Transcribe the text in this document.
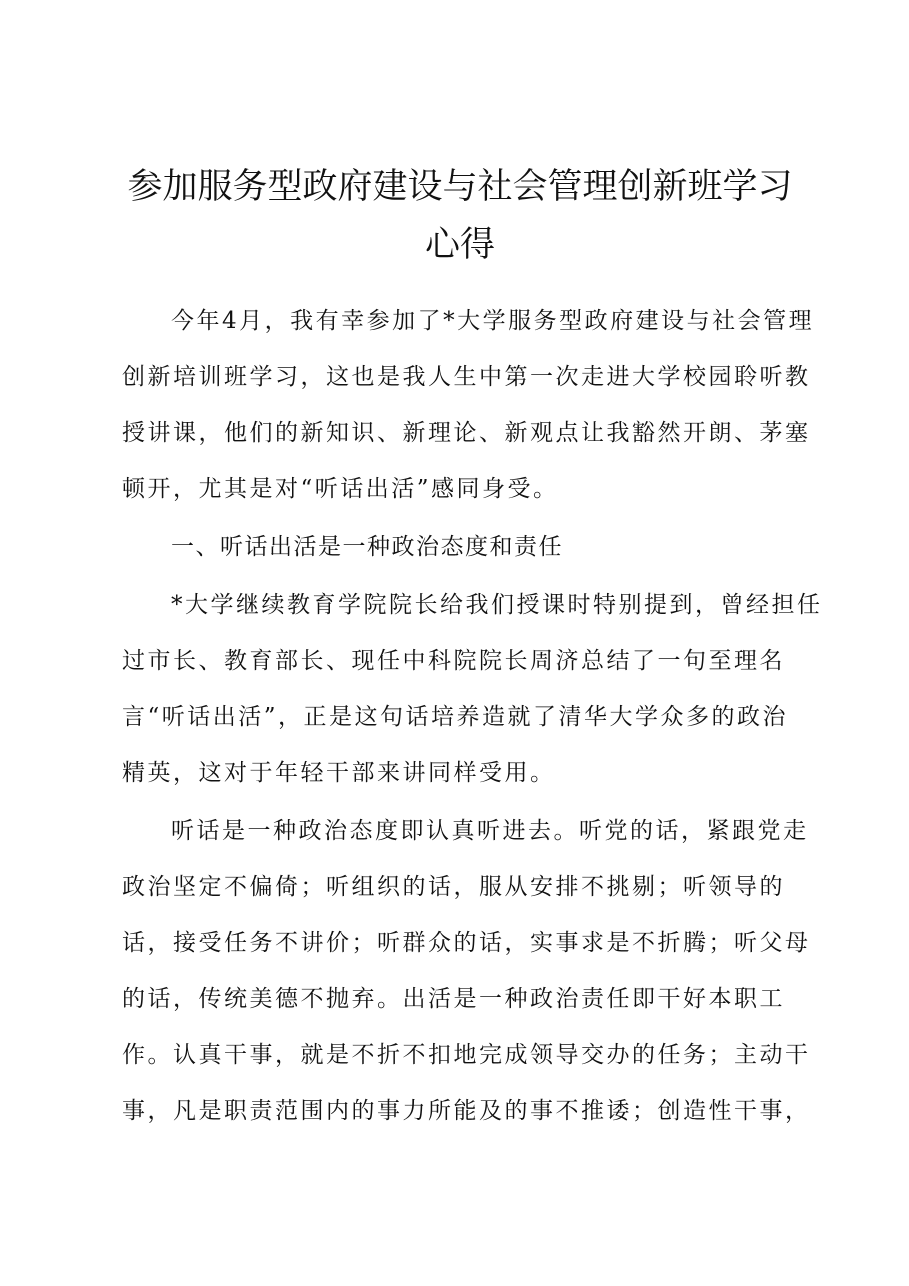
参加服务型政府建设与社会管理创新班学习心得

今年4月，我有幸参加了*大学服务型政府建设与社会管理

创新培训班学习，这也是我人生中第一次走进大学校园聆听教

授讲课，他们的新知识、新理论、新观点让我豁然开朗、茅塞

顿开，尤其是对“听话出活”感同身受。

一、听话出活是一种政治态度和责任

*大学继续教育学院院长给我们授课时特别提到，曾经担任

过市长、教育部长、现任中科院院长周济总结了一句至理名

言“听话出活”，正是这句话培养造就了清华大学众多的政治

精英，这对于年轻干部来讲同样受用。

听话是一种政治态度即认真听进去。听党的话，紧跟党走

政治坚定不偏倚；听组织的话，服从安排不挑剔；听领导的

话，接受任务不讲价；听群众的话，实事求是不折腾；听父母

的话，传统美德不抛弃。出活是一种政治责任即干好本职工

作。认真干事，就是不折不扣地完成领导交办的任务；主动干

事，凡是职责范围内的事力所能及的事不推诿；创造性干事，
